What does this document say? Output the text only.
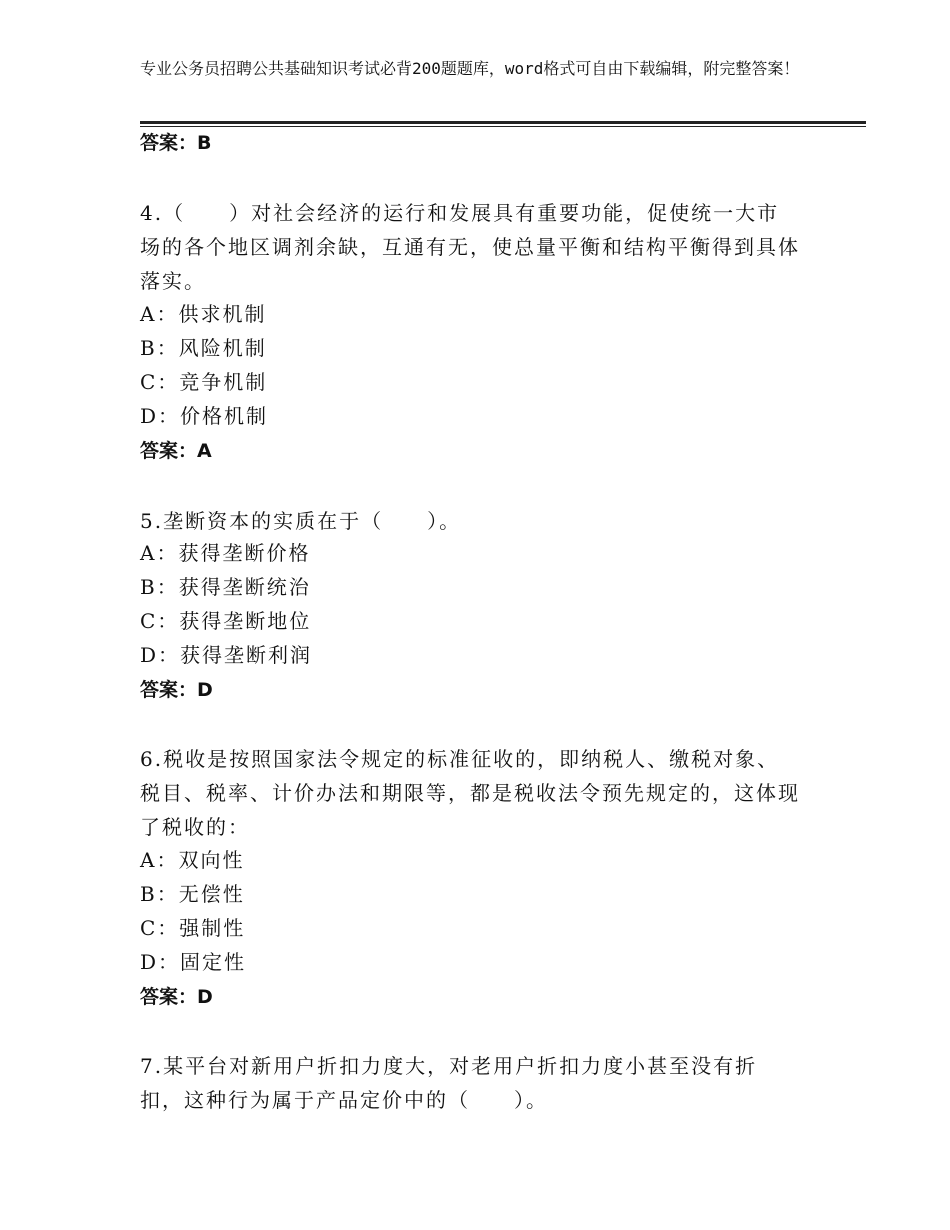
专业公务员招聘公共基础知识考试必背200题题库，word格式可自由下载编辑，附完整答案！
答案：B
4.（　　）对社会经济的运行和发展具有重要功能，促使统一大市场的各个地区调剂余缺，互通有无，使总量平衡和结构平衡得到具体落实。
A：供求机制
B：风险机制
C：竞争机制
D：价格机制
答案：A
5.垄断资本的实质在于（　　）。
A：获得垄断价格
B：获得垄断统治
C：获得垄断地位
D：获得垄断利润
答案：D
6.税收是按照国家法令规定的标准征收的，即纳税人、缴税对象、税目、税率、计价办法和期限等，都是税收法令预先规定的，这体现了税收的：
A：双向性
B：无偿性
C：强制性
D：固定性
答案：D
7.某平台对新用户折扣力度大，对老用户折扣力度小甚至没有折扣，这种行为属于产品定价中的（　　）。
